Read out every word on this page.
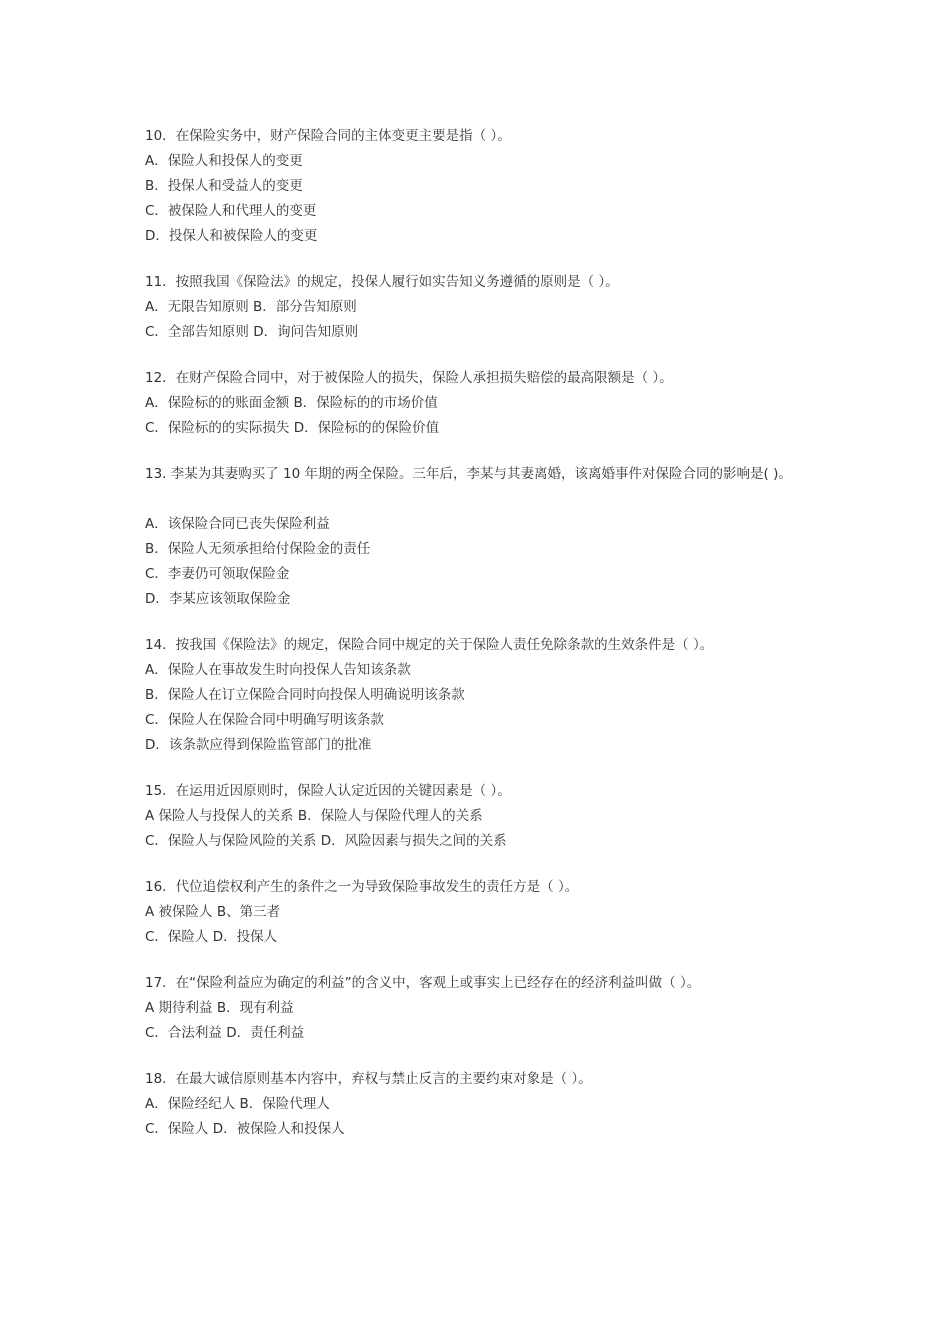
10．在保险实务中，财产保险合同的主体变更主要是指（ ）。
A．保险人和投保人的变更
B．投保人和受益人的变更
C．被保险人和代理人的变更
D．投保人和被保险人的变更
11．按照我国《保险法》的规定，投保人履行如实告知义务遵循的原则是（ ）。
A．无限告知原则 B．部分告知原则
C．全部告知原则 D．询问告知原则
12．在财产保险合同中，对于被保险人的损失，保险人承担损失赔偿的最高限额是（ ）。
A．保险标的的账面金额 B．保险标的的市场价值
C．保险标的的实际损失 D．保险标的的保险价值
13. 李某为其妻购买了 10 年期的两全保险。三年后，李某与其妻离婚，该离婚事件对保险合同的影响是( )。
A．该保险合同已丧失保险利益
B．保险人无须承担给付保险金的责任
C．李妻仍可领取保险金
D．李某应该领取保险金
14．按我国《保险法》的规定，保险合同中规定的关于保险人责任免除条款的生效条件是（ ）。
A．保险人在事故发生时向投保人告知该条款
B．保险人在订立保险合同时向投保人明确说明该条款
C．保险人在保险合同中明确写明该条款
D．该条款应得到保险监管部门的批准
15．在运用近因原则时，保险人认定近因的关键因素是（ ）。
A 保险人与投保人的关系 B．保险人与保险代理人的关系
C．保险人与保险风险的关系 D．风险因素与损失之间的关系
16．代位追偿权利产生的条件之一为导致保险事故发生的责任方是（ ）。
A 被保险人 B、第三者
C．保险人 D．投保人
17．在“保险利益应为确定的利益”的含义中，客观上或事实上已经存在的经济利益叫做（ ）。
A 期待利益 B．现有利益
C．合法利益 D．责任利益
18．在最大诚信原则基本内容中，弃权与禁止反言的主要约束对象是（ ）。
A．保险经纪人 B．保险代理人
C．保险人 D．被保险人和投保人
